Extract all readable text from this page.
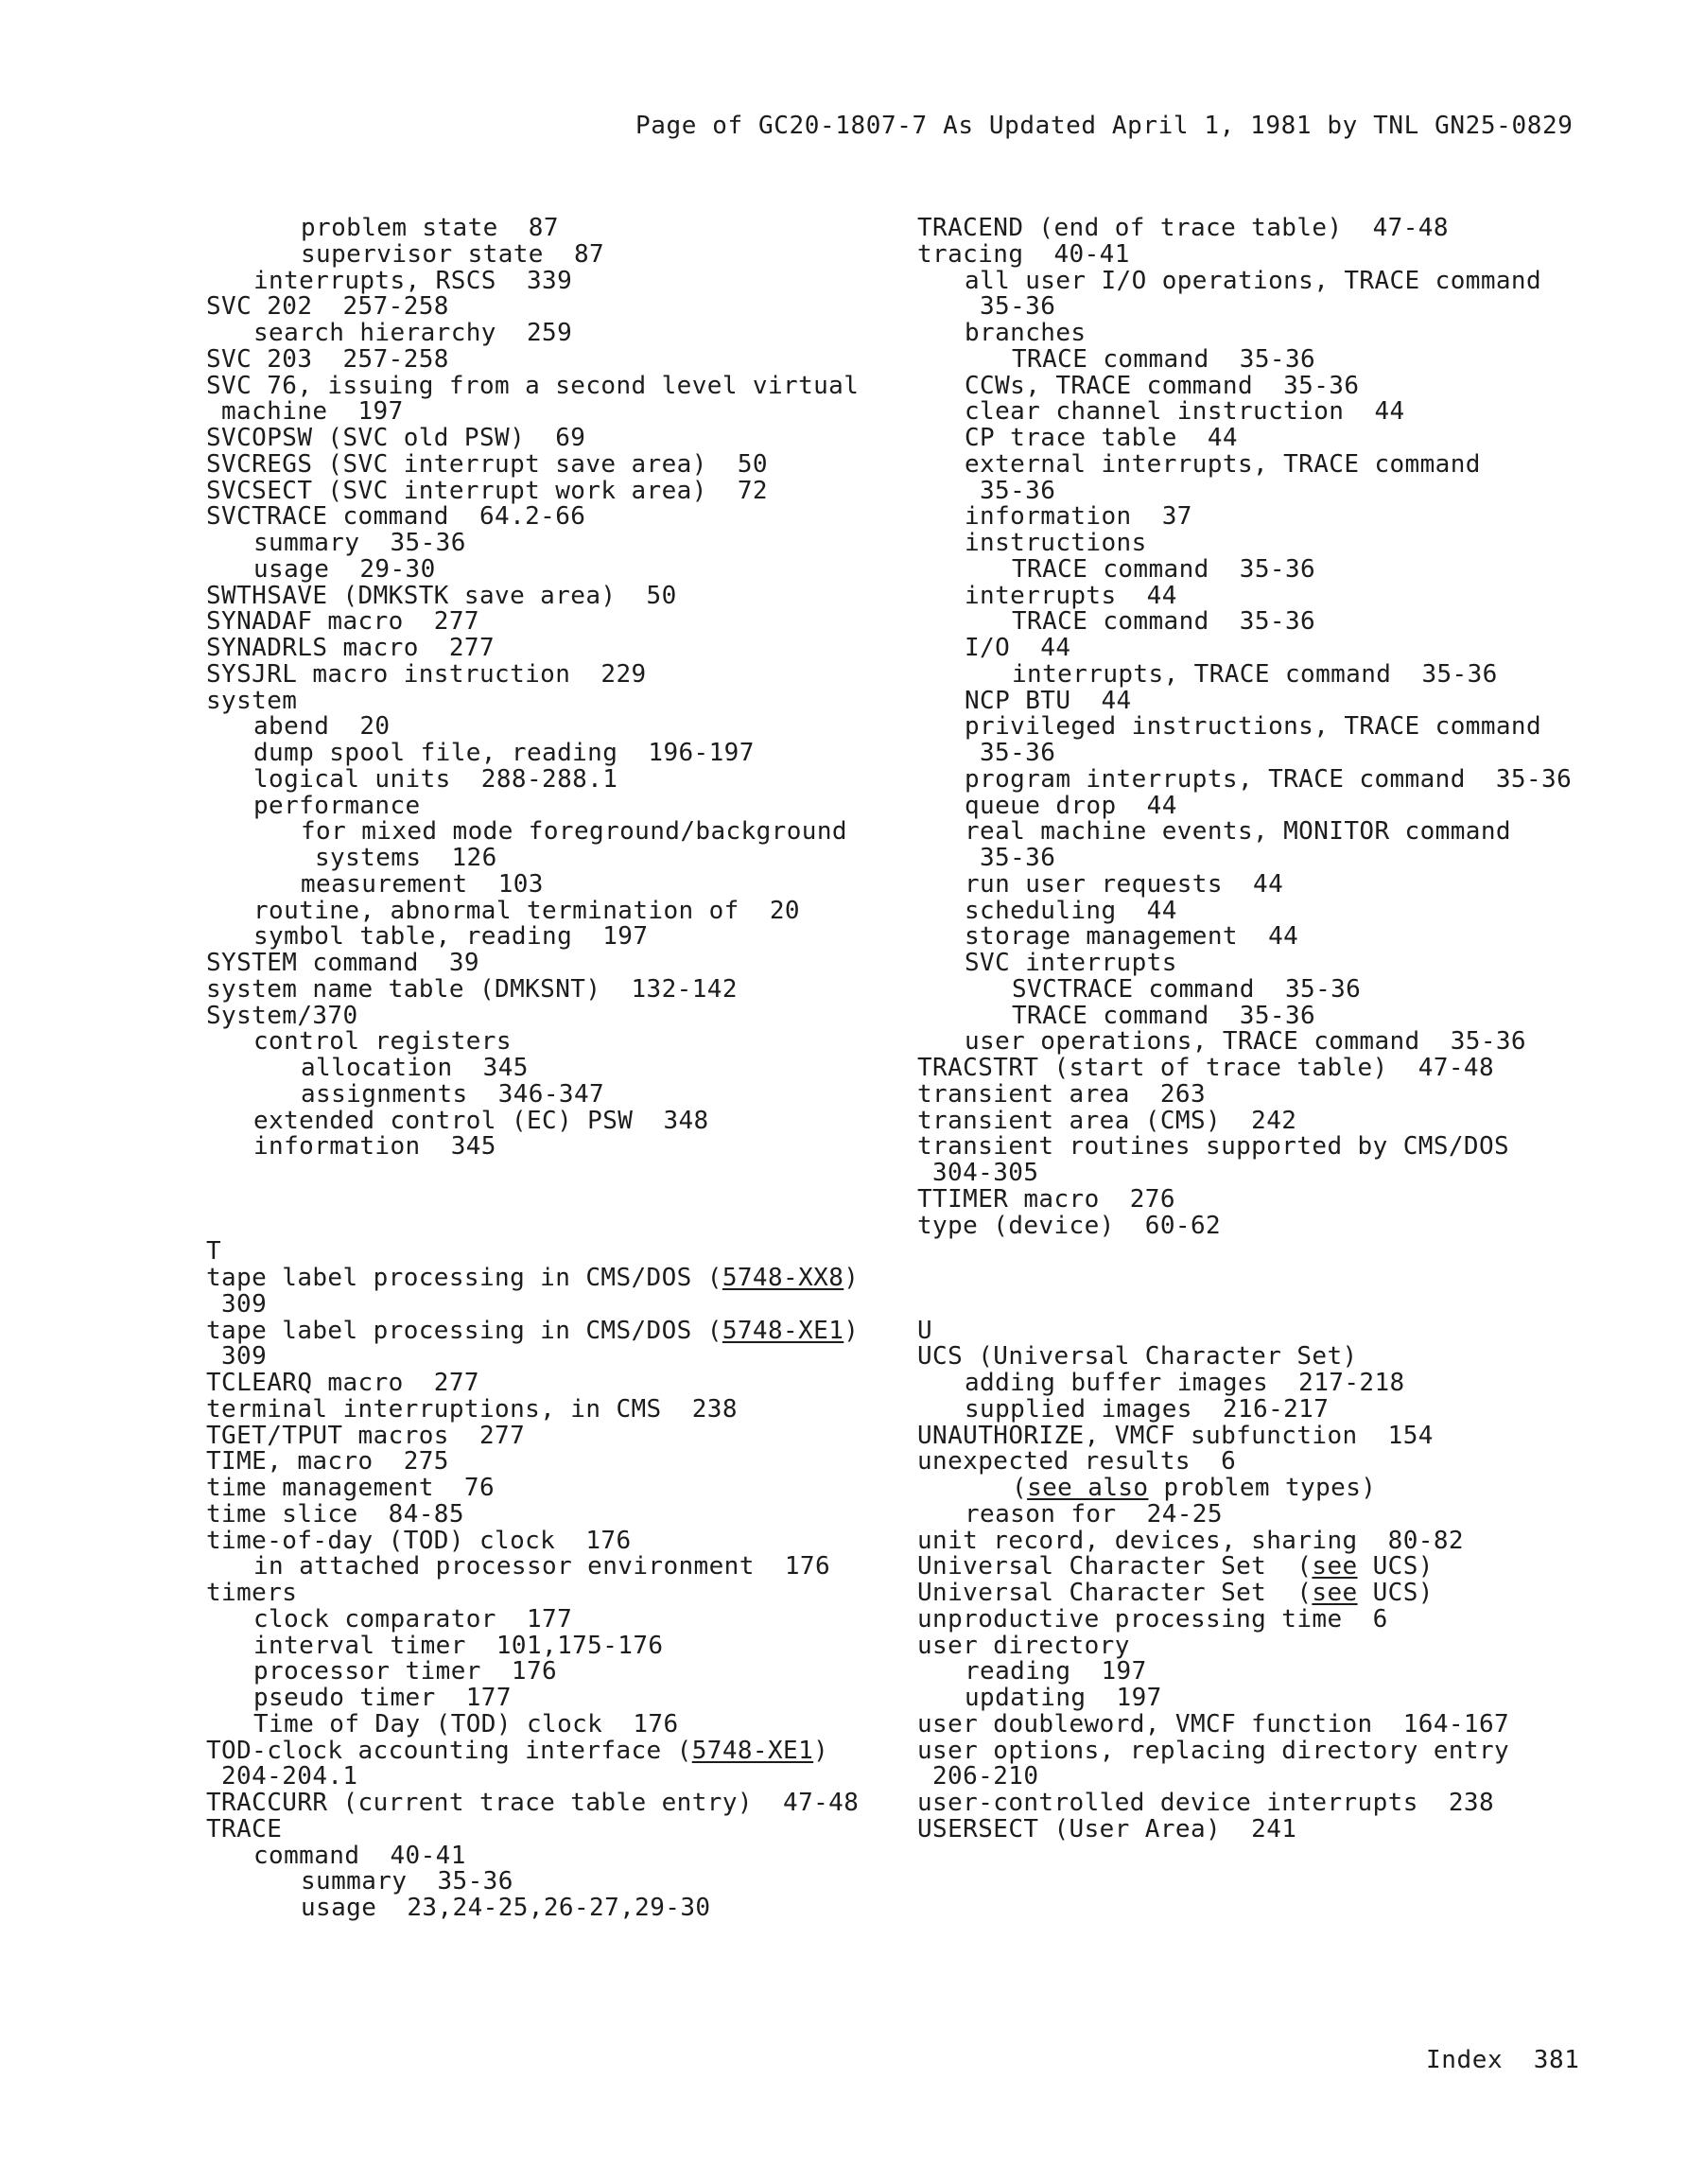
Page of GC20-1807-7 As Updated April 1, 1981 by TNL GN25-0829
problem state  87
supervisor state  87
interrupts, RSCS  339
SVC 202  257-258
search hierarchy  259
SVC 203  257-258
SVC 76, issuing from a second level virtual
machine  197
SVCOPSW (SVC old PSW)  69
SVCREGS (SVC interrupt save area)  50
SVCSECT (SVC interrupt work area)  72
SVCTRACE command  64.2-66
summary  35-36
usage  29-30
SWTHSAVE (DMKSTK save area)  50
SYNADAF macro  277
SYNADRLS macro  277
SYSJRL macro instruction  229
system
abend  20
dump spool file, reading  196-197
logical units  288-288.1
performance
for mixed mode foreground/background
systems  126
measurement  103
routine, abnormal termination of  20
symbol table, reading  197
SYSTEM command  39
system name table (DMKSNT)  132-142
System/370
control registers
allocation  345
assignments  346-347
extended control (EC) PSW  348
information  345
T
tape label processing in CMS/DOS (5748-XX8)
309
tape label processing in CMS/DOS (5748-XE1)
309
TCLEARQ macro  277
terminal interruptions, in CMS  238
TGET/TPUT macros  277
TIME, macro  275
time management  76
time slice  84-85
time-of-day (TOD) clock  176
in attached processor environment  176
timers
clock comparator  177
interval timer  101,175-176
processor timer  176
pseudo timer  177
Time of Day (TOD) clock  176
TOD-clock accounting interface (5748-XE1)
204-204.1
TRACCURR (current trace table entry)  47-48
TRACE
command  40-41
summary  35-36
usage  23,24-25,26-27,29-30
TRACEND (end of trace table)  47-48
tracing  40-41
all user I/O operations, TRACE command
35-36
branches
TRACE command  35-36
CCWs, TRACE command  35-36
clear channel instruction  44
CP trace table  44
external interrupts, TRACE command
35-36
information  37
instructions
TRACE command  35-36
interrupts  44
TRACE command  35-36
I/O  44
interrupts, TRACE command  35-36
NCP BTU  44
privileged instructions, TRACE command
35-36
program interrupts, TRACE command  35-36
queue drop  44
real machine events, MONITOR command
35-36
run user requests  44
scheduling  44
storage management  44
SVC interrupts
SVCTRACE command  35-36
TRACE command  35-36
user operations, TRACE command  35-36
TRACSTRT (start of trace table)  47-48
transient area  263
transient area (CMS)  242
transient routines supported by CMS/DOS
304-305
TTIMER macro  276
type (device)  60-62
U
UCS (Universal Character Set)
adding buffer images  217-218
supplied images  216-217
UNAUTHORIZE, VMCF subfunction  154
unexpected results  6
(see also problem types)
reason for  24-25
unit record, devices, sharing  80-82
Universal Character Set  (see UCS)
Universal Character Set  (see UCS)
unproductive processing time  6
user directory
reading  197
updating  197
user doubleword, VMCF function  164-167
user options, replacing directory entry
206-210
user-controlled device interrupts  238
USERSECT (User Area)  241
Index 381
